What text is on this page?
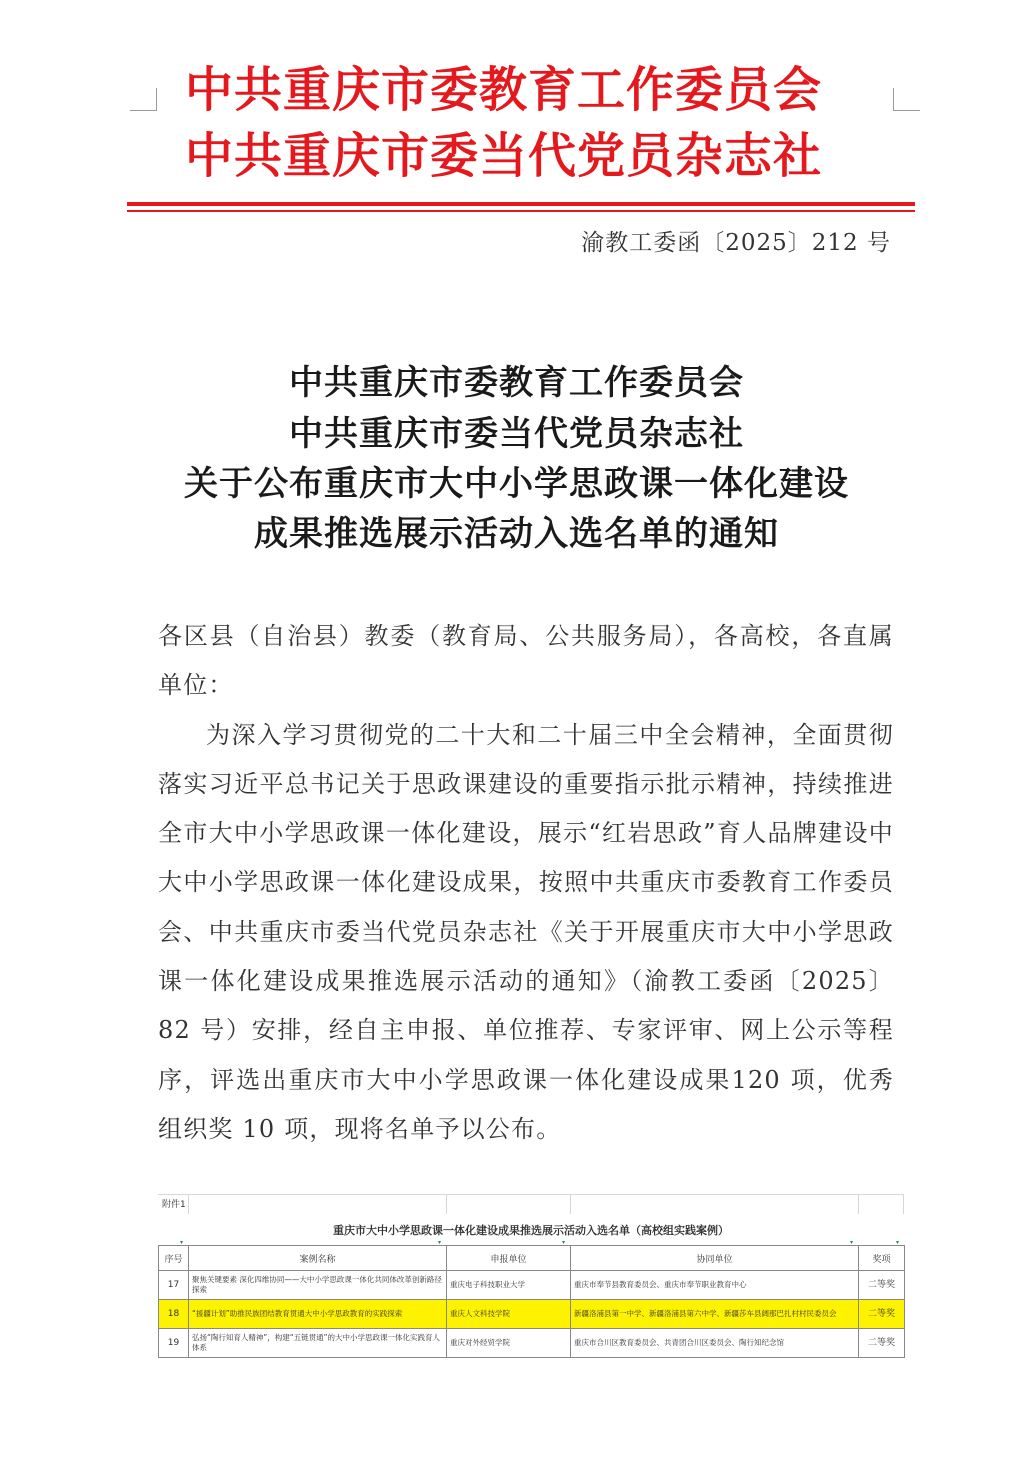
中共重庆市委教育工作委员会
中共重庆市委当代党员杂志社
渝教工委函〔2025〕212 号
中共重庆市委教育工作委员会
中共重庆市委当代党员杂志社
关于公布重庆市大中小学思政课一体化建设
成果推选展示活动入选名单的通知

各区县（自治县）教委（教育局、公共服务局），各高校，各直属单位：

为深入学习贯彻党的二十大和二十届三中全会精神，全面贯彻落实习近平总书记关于思政课建设的重要指示批示精神，持续推进全市大中小学思政课一体化建设，展示“红岩思政”育人品牌建设中大中小学思政课一体化建设成果，按照中共重庆市委教育工作委员会、中共重庆市委当代党员杂志社《关于开展重庆市大中小学思政课一体化建设成果推选展示活动的通知》（渝教工委函〔2025〕82 号）安排，经自主申报、单位推荐、专家评审、网上公示等程序，评选出重庆市大中小学思政课一体化建设成果120 项，优秀组织奖 10 项，现将名单予以公布。

附件1
重庆市大中小学思政课一体化建设成果推选展示活动入选名单（高校组实践案例）
▾	▾	▾	▾	▾
序号	案例名称	申报单位	协同单位	奖项
17	聚焦关键要素 深化四维协同——大中小学思政课一体化共同体改革创新路径探索	重庆电子科技职业大学	重庆市奉节县教育委员会、重庆市奉节职业教育中心	二等奖
18	“援疆计划”助推民族团结教育贯通大中小学思政教育的实践探索	重庆人文科技学院	新疆洛浦县第一中学、新疆洛浦县第六中学、新疆莎车县阔那巴扎村村民委员会	二等奖
19	弘扬“陶行知育人精神”，构建“五链贯通”的大中小学思政课一体化实践育人体系	重庆对外经贸学院	重庆市合川区教育委员会、共青团合川区委员会、陶行知纪念馆	二等奖
